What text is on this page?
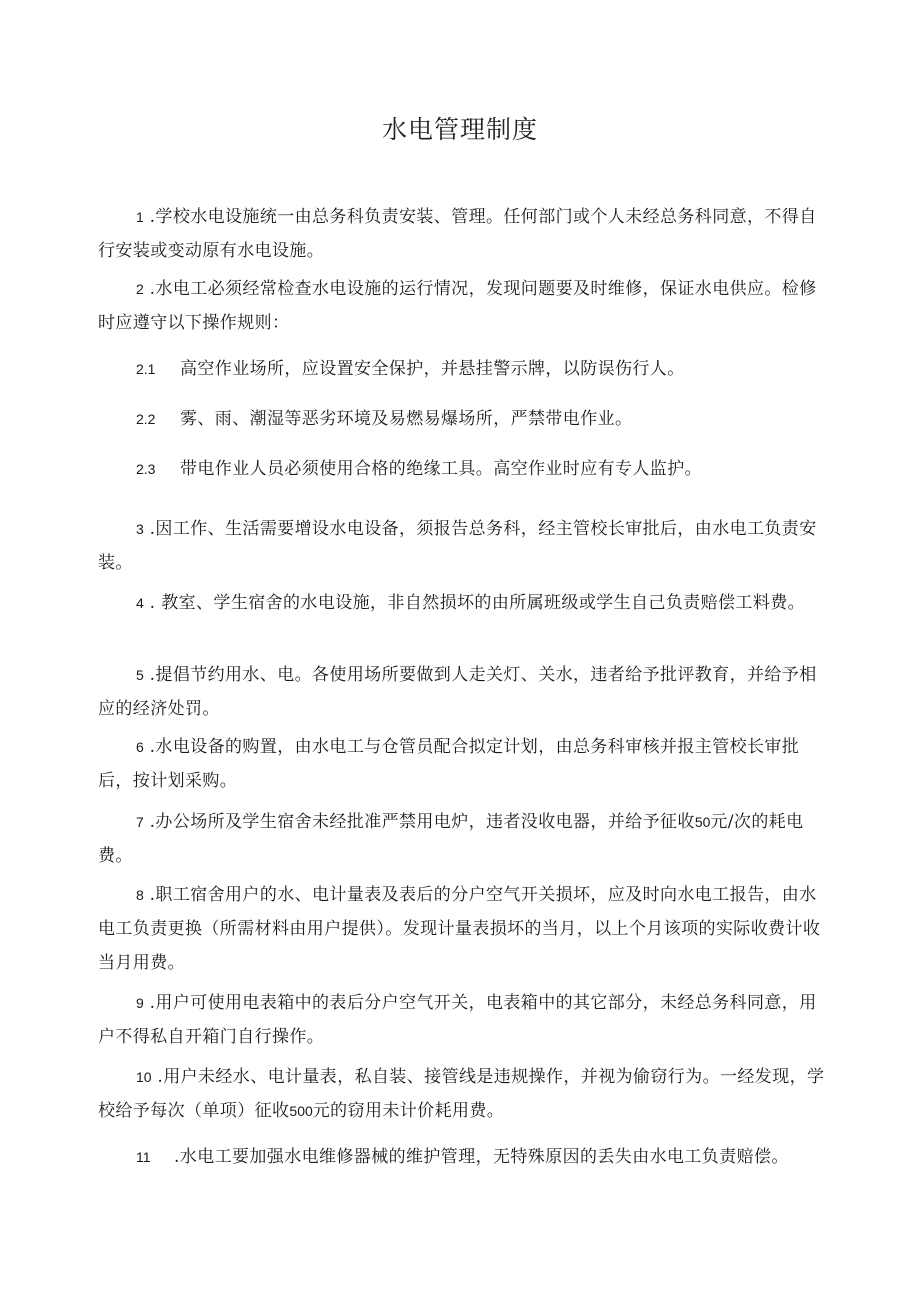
水电管理制度
1 .学校水电设施统一由总务科负责安装、管理。任何部门或个人未经总务科同意，不得自行安装或变动原有水电设施。
2 .水电工必须经常检查水电设施的运行情况，发现问题要及时维修，保证水电供应。检修时应遵守以下操作规则：
2.1 高空作业场所，应设置安全保护，并悬挂警示牌，以防误伤行人。
2.2 雾、雨、潮湿等恶劣环境及易燃易爆场所，严禁带电作业。
2.3 带电作业人员必须使用合格的绝缘工具。高空作业时应有专人监护。
3 .因工作、生活需要增设水电设备，须报告总务科，经主管校长审批后，由水电工负责安装。
4 . 教室、学生宿舍的水电设施，非自然损坏的由所属班级或学生自己负责赔偿工料费。
5 .提倡节约用水、电。各使用场所要做到人走关灯、关水，违者给予批评教育，并给予相应的经济处罚。
6 .水电设备的购置，由水电工与仓管员配合拟定计划，由总务科审核并报主管校长审批后，按计划采购。
7 .办公场所及学生宿舍未经批准严禁用电炉，违者没收电器，并给予征收50元/次的耗电费。
8 .职工宿舍用户的水、电计量表及表后的分户空气开关损坏，应及时向水电工报告，由水电工负责更换（所需材料由用户提供）。发现计量表损坏的当月，以上个月该项的实际收费计收当月用费。
9 .用户可使用电表箱中的表后分户空气开关，电表箱中的其它部分，未经总务科同意，用户不得私自开箱门自行操作。
10 .用户未经水、电计量表，私自装、接管线是违规操作，并视为偷窃行为。一经发现，学校给予每次（单项）征收500元的窃用未计价耗用费。
11 .水电工要加强水电维修器械的维护管理，无特殊原因的丢失由水电工负责赔偿。
